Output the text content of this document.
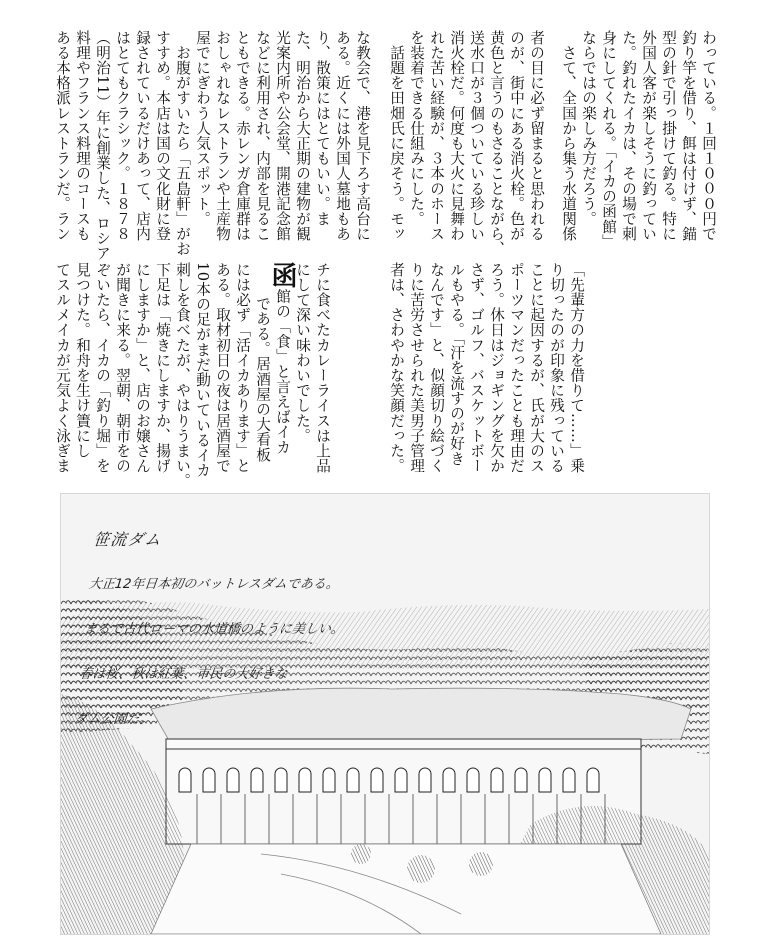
わっている。１回１０００円で

釣り竿を借り、餌は付けず、錨

型の針で引っ掛けて釣る。特に

外国人客が楽しそうに釣ってい

た。釣れたイカは、その場で刺

身にしてくれる。「イカの函館」

ならではの楽しみ方だろう。

　さて、全国から集う水道関係

「先輩方の力を借りて……」乗

り切ったのが印象に残っている

ことに起因するが、氏が大のス

ポーツマンだったことも理由だ

ろう。休日はジョギングを欠か

さず、ゴルフ、バスケットボー

ルもやる。「汗を流すのが好き

なんです」と、似顔切り絵づく

りに苦労させられた美男子管理

者は、さわやかな笑顔だった。

者の目に必ず留まると思われる

のが、街中にある消火栓。色が

黄色と言うのもさることながら、

送水口が３個ついている珍しい

消火栓だ。何度も大火に見舞わ

れた苦い経験が、３本のホース

を装着できる仕組みにした。

　話題を田畑氏に戻そう。モッ

な教会で、港を見下ろす高台に

ある。近くには外国人墓地もあ

り、散策にはとてもいい。ま

た、明治から大正期の建物が観

光案内所や公会堂、開港記念館

などに利用され、内部を見るこ

ともできる。赤レンガ倉庫群は

おしゃれなレストランや土産物

屋でにぎわう人気スポット。

　お腹がすいたら「五島軒」がお

すすめ。本店は国の文化財に登

録されているだけあって、店内

はとてもクラシック。１８７８

（明治11）年に創業した、ロシア

料理やフランス料理のコースも

ある本格派レストランだ。ラン

チに食べたカレーライスは上品

にして深い味わいでした。

函館の「食」と言えばイカ

である。居酒屋の大看板

には必ず「活イカあります」と

ある。取材初日の夜は居酒屋で

10本の足がまだ動いているイカ

刺しを食べたが、やはりうまい。

下足は「焼きにしますか、揚げ

にしますか」と、店のお嬢さん

が聞きに来る。翌朝、朝市をの

ぞいたら、イカの「釣り堀」を

見つけた。和舟を生け簀にし

てスルメイカが元気よく泳ぎま

笹流ダム

大正12年日本初のバットレスダムである。

まるで古代ローマの水道橋のように美しい。

春は桜、秋は紅葉、市民の大好きな

ダム公園だ。
